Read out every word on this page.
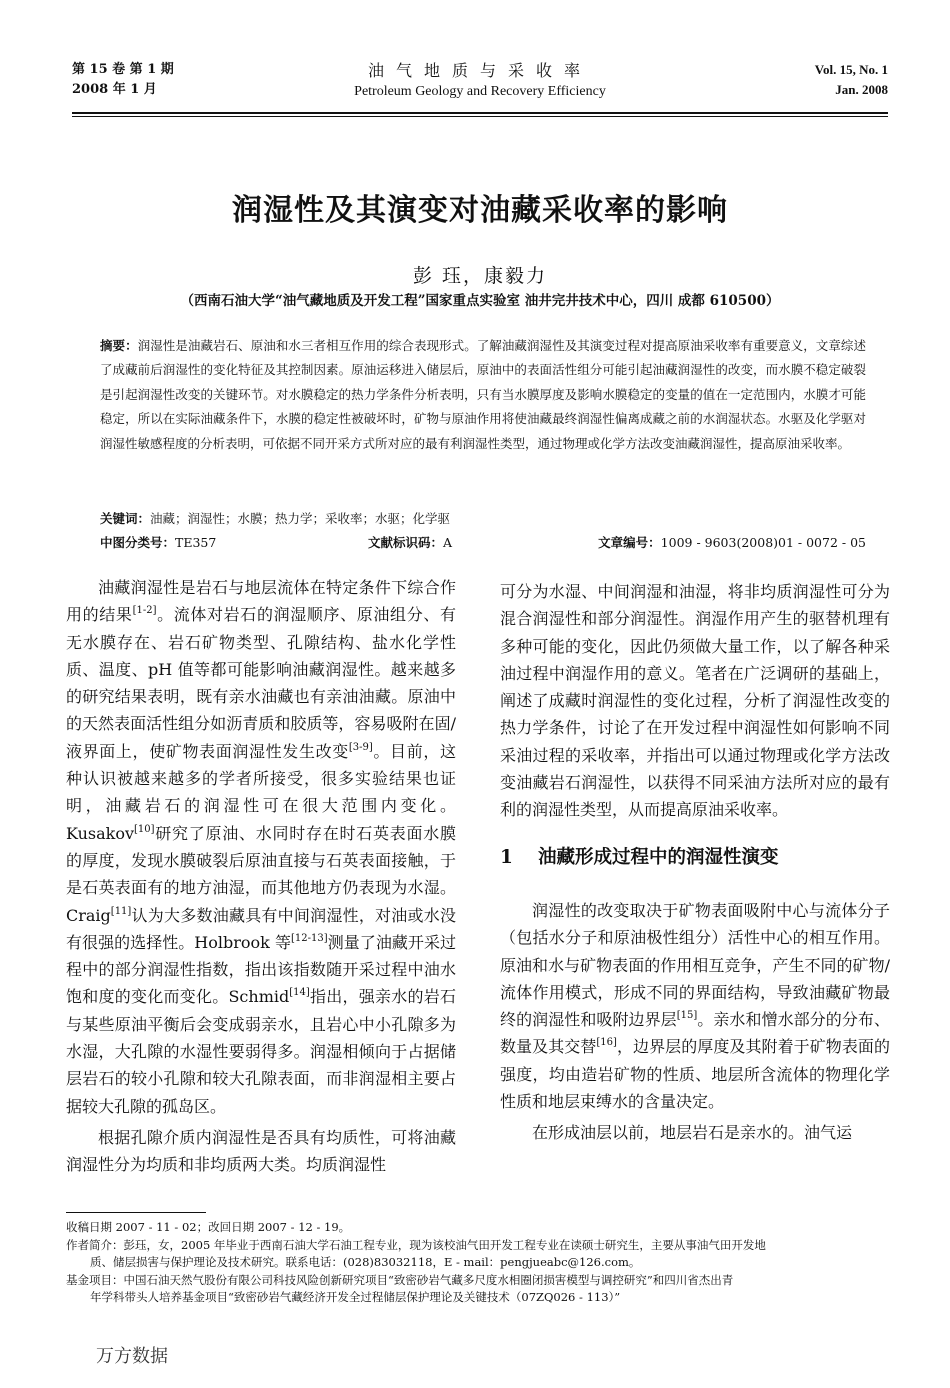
第 15 卷 第 1 期
2008 年 1 月
油气地质与采收率
Petroleum Geology and Recovery Efficiency
Vol. 15, No. 1
Jan. 2008
润湿性及其演变对油藏采收率的影响
彭 珏，康毅力
（西南石油大学“油气藏地质及开发工程”国家重点实验室 油井完井技术中心，四川 成都 610500）
摘要：润湿性是油藏岩石、原油和水三者相互作用的综合表现形式。了解油藏润湿性及其演变过程对提高原油采收率有重要意义，文章综述了成藏前后润湿性的变化特征及其控制因素。原油运移进入储层后，原油中的表面活性组分可能引起油藏润湿性的改变，而水膜不稳定破裂是引起润湿性改变的关键环节。对水膜稳定的热力学条件分析表明，只有当水膜厚度及影响水膜稳定的变量的值在一定范围内，水膜才可能稳定，所以在实际油藏条件下，水膜的稳定性被破坏时，矿物与原油作用将使油藏最终润湿性偏离成藏之前的水润湿状态。水驱及化学驱对润湿性敏感程度的分析表明，可依据不同开采方式所对应的最有利润湿性类型，通过物理或化学方法改变油藏润湿性，提高原油采收率。
关键词：油藏；润湿性；水膜；热力学；采收率；水驱；化学驱
中图分类号：TE357	文献标识码：A	文章编号：1009 - 9603(2008)01 - 0072 - 05

油藏润湿性是岩石与地层流体在特定条件下综合作用的结果[1-2]。流体对岩石的润湿顺序、原油组分、有无水膜存在、岩石矿物类型、孔隙结构、盐水化学性质、温度、pH 值等都可能影响油藏润湿性。越来越多的研究结果表明，既有亲水油藏也有亲油油藏。原油中的天然表面活性组分如沥青质和胶质等，容易吸附在固/液界面上，使矿物表面润湿性发生改变[3-9]。目前，这种认识被越来越多的学者所接受，很多实验结果也证明，油藏岩石的润湿性可在很大范围内变化。Kusakov[10]研究了原油、水同时存在时石英表面水膜的厚度，发现水膜破裂后原油直接与石英表面接触，于是石英表面有的地方油湿，而其他地方仍表现为水湿。Craig[11]认为大多数油藏具有中间润湿性，对油或水没有很强的选择性。Holbrook 等[12-13]测量了油藏开采过程中的部分润湿性指数，指出该指数随开采过程中油水饱和度的变化而变化。Schmid[14]指出，强亲水的岩石与某些原油平衡后会变成弱亲水，且岩心中小孔隙多为水湿，大孔隙的水湿性要弱得多。润湿相倾向于占据储层岩石的较小孔隙和较大孔隙表面，而非润湿相主要占据较大孔隙的孤岛区。

根据孔隙介质内润湿性是否具有均质性，可将油藏润湿性分为均质和非均质两大类。均质润湿性

可分为水湿、中间润湿和油湿，将非均质润湿性可分为混合润湿性和部分润湿性。润湿作用产生的驱替机理有多种可能的变化，因此仍须做大量工作，以了解各种采油过程中润湿作用的意义。笔者在广泛调研的基础上，阐述了成藏时润湿性的变化过程，分析了润湿性改变的热力学条件，讨论了在开发过程中润湿性如何影响不同采油过程的采收率，并指出可以通过物理或化学方法改变油藏岩石润湿性，以获得不同采油方法所对应的最有利的润湿性类型，从而提高原油采收率。

1 油藏形成过程中的润湿性演变

润湿性的改变取决于矿物表面吸附中心与流体分子（包括水分子和原油极性组分）活性中心的相互作用。原油和水与矿物表面的作用相互竞争，产生不同的矿物/流体作用模式，形成不同的界面结构，导致油藏矿物最终的润湿性和吸附边界层[15]。亲水和憎水部分的分布、数量及其交替[16]，边界层的厚度及其附着于矿物表面的强度，均由造岩矿物的性质、地层所含流体的物理化学性质和地层束缚水的含量决定。

在形成油层以前，地层岩石是亲水的。油气运

收稿日期 2007 - 11 - 02；改回日期 2007 - 12 - 19。

作者简介：彭珏，女，2005 年毕业于西南石油大学石油工程专业，现为该校油气田开发工程专业在读硕士研究生，主要从事油气田开发地

质、储层损害与保护理论及技术研究。联系电话：(028)83032118，E - mail：pengjueabc@126.com。

基金项目：中国石油天然气股份有限公司科技风险创新研究项目“致密砂岩气藏多尺度水相圈闭损害模型与调控研究”和四川省杰出青

年学科带头人培养基金项目“致密砂岩气藏经济开发全过程储层保护理论及关键技术（07ZQ026 - 113）”

万方数据
